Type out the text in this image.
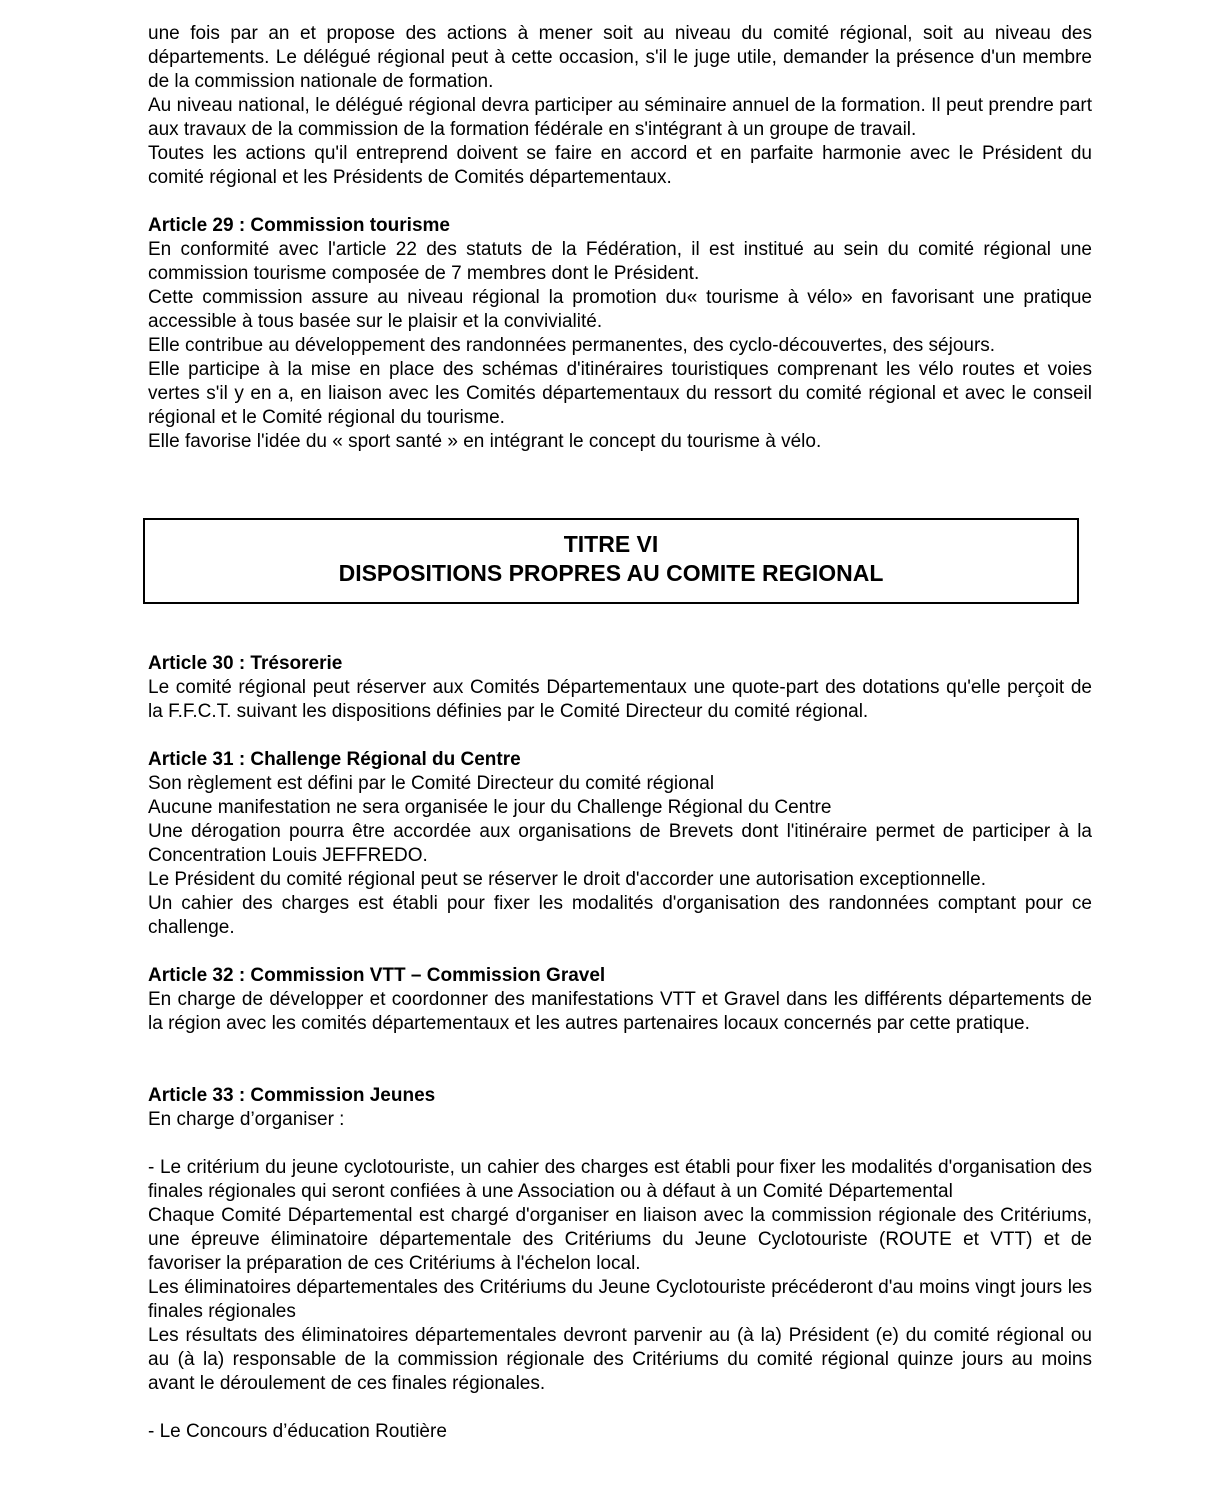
une fois par an et propose des actions à mener soit au niveau du comité régional, soit au niveau des départements. Le délégué régional peut à cette occasion, s'il le juge utile, demander la présence d'un membre de la commission nationale de formation.

Au niveau national, le délégué régional devra participer au séminaire annuel de la formation. Il peut prendre part aux travaux de la commission de la formation fédérale en s'intégrant à un groupe de travail.

Toutes les actions qu'il entreprend doivent se faire en accord et en parfaite harmonie avec le Président du comité régional et les Présidents de Comités départementaux.

Article 29 : Commission tourisme

En conformité avec l'article 22 des statuts de la Fédération, il est institué au sein du comité régional une commission tourisme composée de 7 membres dont le Président.

Cette commission assure au niveau régional la promotion du« tourisme à vélo» en favorisant une pratique accessible à tous basée sur le plaisir et la convivialité.

Elle contribue au développement des randonnées permanentes, des cyclo-découvertes, des séjours.

Elle participe à la mise en place des schémas d'itinéraires touristiques comprenant les vélo routes et voies vertes s'il y en a, en liaison avec les Comités départementaux du ressort du comité régional et avec le conseil régional et le Comité régional du tourisme.

Elle favorise l'idée du « sport santé » en intégrant le concept du tourisme à vélo.

TITRE VI
DISPOSITIONS PROPRES AU COMITE REGIONAL

Article 30 : Trésorerie

Le comité régional peut réserver aux Comités Départementaux une quote-part des dotations qu'elle perçoit de la F.F.C.T. suivant les dispositions définies par le Comité Directeur du comité régional.

Article 31 : Challenge Régional du Centre

Son règlement est défini par le Comité Directeur du comité régional

Aucune manifestation ne sera organisée le jour du Challenge Régional du Centre

Une dérogation pourra être accordée aux organisations de Brevets dont l'itinéraire permet de participer à la Concentration Louis JEFFREDO.

Le Président du comité régional peut se réserver le droit d'accorder une autorisation exceptionnelle.

Un cahier des charges est établi pour fixer les modalités d'organisation des randonnées comptant pour ce challenge.

Article 32 : Commission VTT – Commission Gravel

En charge de développer et coordonner des manifestations VTT et Gravel dans les différents départements de la région avec les comités départementaux et les autres partenaires locaux concernés par cette pratique.

Article 33 : Commission Jeunes

En charge d’organiser :

- Le critérium du jeune cyclotouriste, un cahier des charges est établi pour fixer les modalités d'organisation des finales régionales qui seront confiées à une Association ou à défaut à un Comité Départemental

Chaque Comité Départemental est chargé d'organiser en liaison avec la commission régionale des Critériums, une épreuve éliminatoire départementale des Critériums du Jeune Cyclotouriste (ROUTE et VTT) et de favoriser la préparation de ces Critériums à l'échelon local.

Les éliminatoires départementales des Critériums du Jeune Cyclotouriste précéderont d'au moins vingt jours les finales régionales

Les résultats des éliminatoires départementales devront parvenir au (à la) Président (e) du comité régional ou au (à la) responsable de la commission régionale des Critériums du comité régional quinze jours au moins avant le déroulement de ces finales régionales.

- Le Concours d’éducation Routière
